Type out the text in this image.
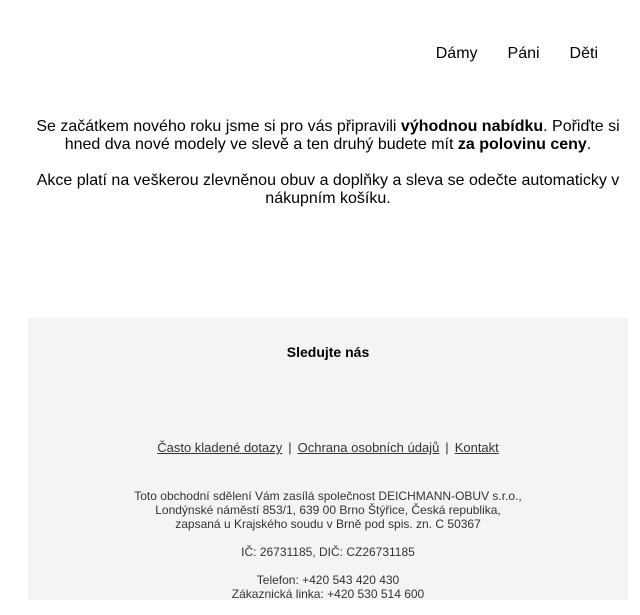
Dámy Páni Děti

Se začátkem nového roku jsme si pro vás připravili výhodnou nabídku. Pořiďte si hned dva nové modely ve slevě a ten druhý budete mít za polovinu ceny.

Akce platí na veškerou zlevněnou obuv a doplňky a sleva se odečte automaticky v nákupním košíku.

Sledujte nás
Často kladené dotazy | Ochrana osobních údajů | Kontakt

Toto obchodní sdělení Vám zasílá společnost DEICHMANN-OBUV s.r.o.,
Londýnské náměstí 853/1, 639 00 Brno Štýřice, Česká republika,
zapsaná u Krajského soudu v Brně pod spis. zn. C 50367

IČ: 26731185, DIČ: CZ26731185

Telefon: +420 543 420 430
Zákaznická linka: +420 530 514 600
